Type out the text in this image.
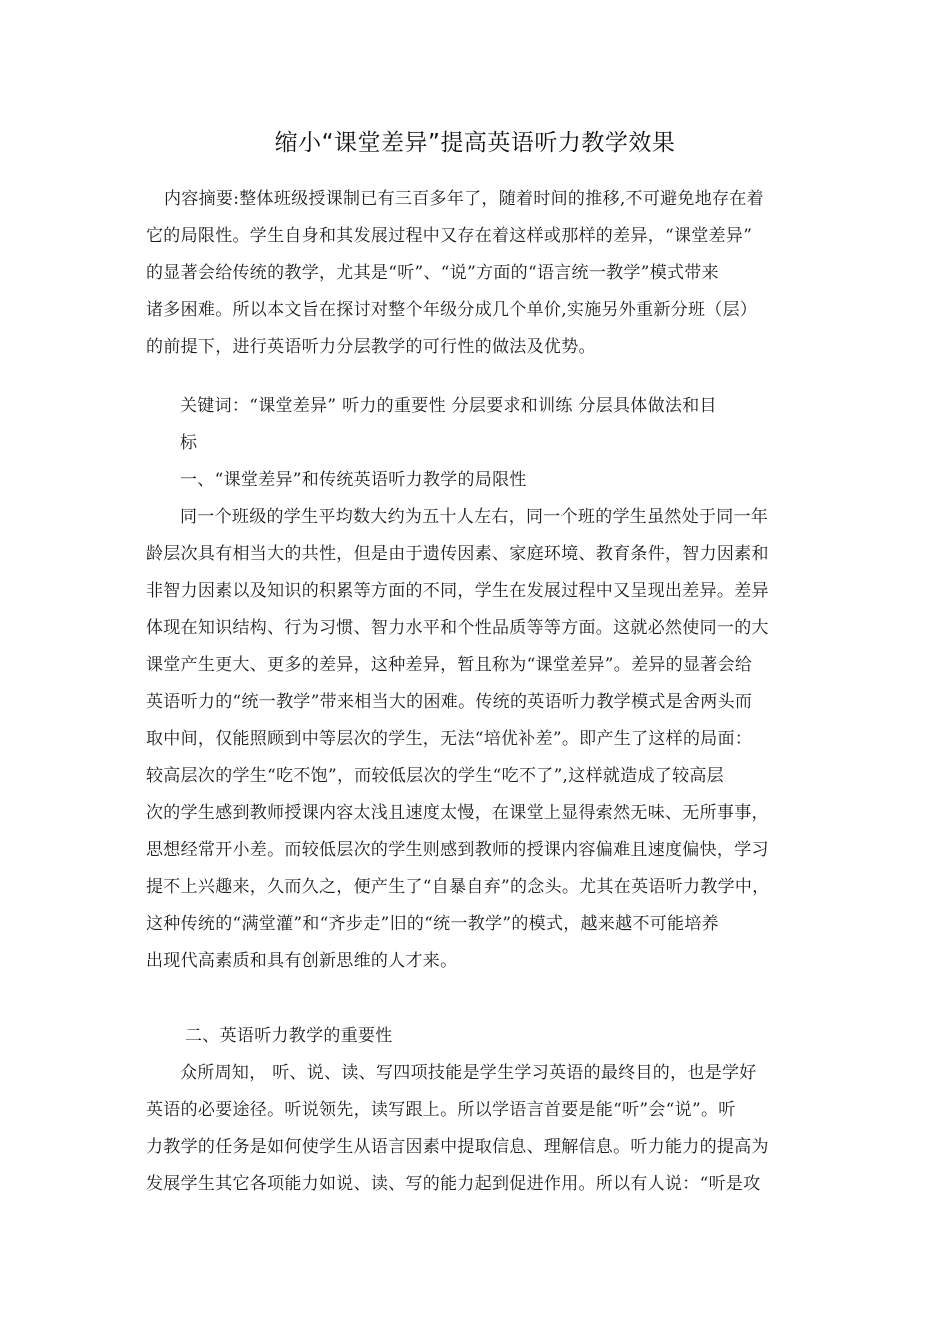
缩小“课堂差异”提高英语听力教学效果
内容摘要:整体班级授课制已有三百多年了，随着时间的推移,不可避免地存在着
它的局限性。学生自身和其发展过程中又存在着这样或那样的差异，“课堂差异”
的显著会给传统的教学，尤其是“听”、“说”方面的“语言统一教学”模式带来
诸多困难。所以本文旨在探讨对整个年级分成几个单价,实施另外重新分班（层）
的前提下，进行英语听力分层教学的可行性的做法及优势。
关键词：“课堂差异” 听力的重要性 分层要求和训练 分层具体做法和目
标
一、“课堂差异”和传统英语听力教学的局限性
同一个班级的学生平均数大约为五十人左右，同一个班的学生虽然处于同一年
龄层次具有相当大的共性，但是由于遗传因素、家庭环境、教育条件，智力因素和
非智力因素以及知识的积累等方面的不同，学生在发展过程中又呈现出差异。差异
体现在知识结构、行为习惯、智力水平和个性品质等等方面。这就必然使同一的大
课堂产生更大、更多的差异，这种差异，暂且称为“课堂差异”。差异的显著会给
英语听力的“统一教学”带来相当大的困难。传统的英语听力教学模式是舍两头而
取中间，仅能照顾到中等层次的学生，无法“培优补差”。即产生了这样的局面：
较高层次的学生“吃不饱”，而较低层次的学生“吃不了”,这样就造成了较高层
次的学生感到教师授课内容太浅且速度太慢，在课堂上显得索然无味、无所事事，
思想经常开小差。而较低层次的学生则感到教师的授课内容偏难且速度偏快，学习
提不上兴趣来，久而久之，便产生了“自暴自弃”的念头。尤其在英语听力教学中，
这种传统的“满堂灌”和“齐步走”旧的“统一教学”的模式，越来越不可能培养
出现代高素质和具有创新思维的人才来。
二、英语听力教学的重要性
众所周知， 听、说、读、写四项技能是学生学习英语的最终目的，也是学好
英语的必要途径。听说领先，读写跟上。所以学语言首要是能“听”会“说”。听
力教学的任务是如何使学生从语言因素中提取信息、理解信息。听力能力的提高为
发展学生其它各项能力如说、读、写的能力起到促进作用。所以有人说：“听是攻
